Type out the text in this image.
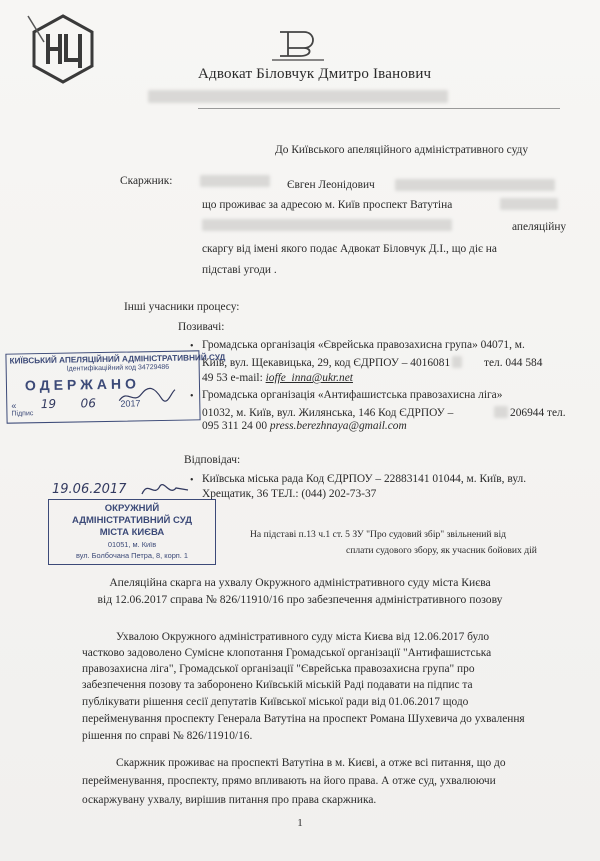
Адвокат Біловчук Дмитро Іванович
До Київського апеляційного адміністративного суду
Скаржник:	Євген Леонідович
що проживає за адресою м. Київ проспект Ватутіна
апеляційну
скаргу від імені якого подає Адвокат Біловчук Д.І., що діє на
підставі угоди .
Інші учасники процесу:
Позивачі:
• Громадська організація «Єврейська правозахисна група» 04071, м.
Київ, вул. Щекавицька, 29, код ЄДРПОУ – 4016081	тел. 044 584
49 53 e-mail: ioffe_inna@ukr.net
• Громадська організація «Антифашистська правозахисна ліга»
01032, м. Київ, вул. Жилянська, 146 Код ЄДРПОУ –	206944 тел.
095 311 24 00 press.berezhnaya@gmail.com
Відповідач:
• Київська міська рада Код ЄДРПОУ – 22883141 01044, м. Київ, вул.
Хрещатик, 36 ТЕЛ.: (044) 202-73-37
На підставі п.13 ч.1 ст. 5 ЗУ "Про судовий збір" звільнений від
сплати судового збору, як учасник бойових дій
Апеляційна скарга на ухвалу Окружного адміністративного суду міста Києва
від 12.06.2017 справа № 826/11910/16 про забезпечення адміністративного позову
Ухвалою Окружного адміністративного суду міста Києва від 12.06.2017 було
частково задоволено Сумісне клопотання Громадської організації "Антифашистська
правозахисна ліга", Громадської організації "Єврейська правозахисна група" про
забезпечення позову та заборонено Київській міській Раді подавати на підпис та
публікувати рішення сесії депутатів Київської міської ради від 01.06.2017 щодо
перейменування проспекту Генерала Ватутіна на проспект Романа Шухевича до ухвалення
рішення по справі № 826/11910/16.
Скаржник проживає на проспекті Ватутіна в м. Києві, а отже всі питання, що до
перейменування, проспекту, прямо впливають на його права. А отже суд, ухвалюючи
оскаржувану ухвалу, вирішив питання про права скаржника.
1
КИЇВСЬКИЙ АПЕЛЯЦІЙНИЙ АДМІНІСТРАТИВНИЙ СУД
Ідентифікаційний код 34729486
ОДЕРЖАНО
« 19 06	2017
Підпис
19.06.2017
ОКРУЖНИЙ
АДМІНІСТРАТИВНИЙ СУД
МІСТА КИЄВА
01051, м. Київ
вул. Болбочана Петра, 8, корп. 1
